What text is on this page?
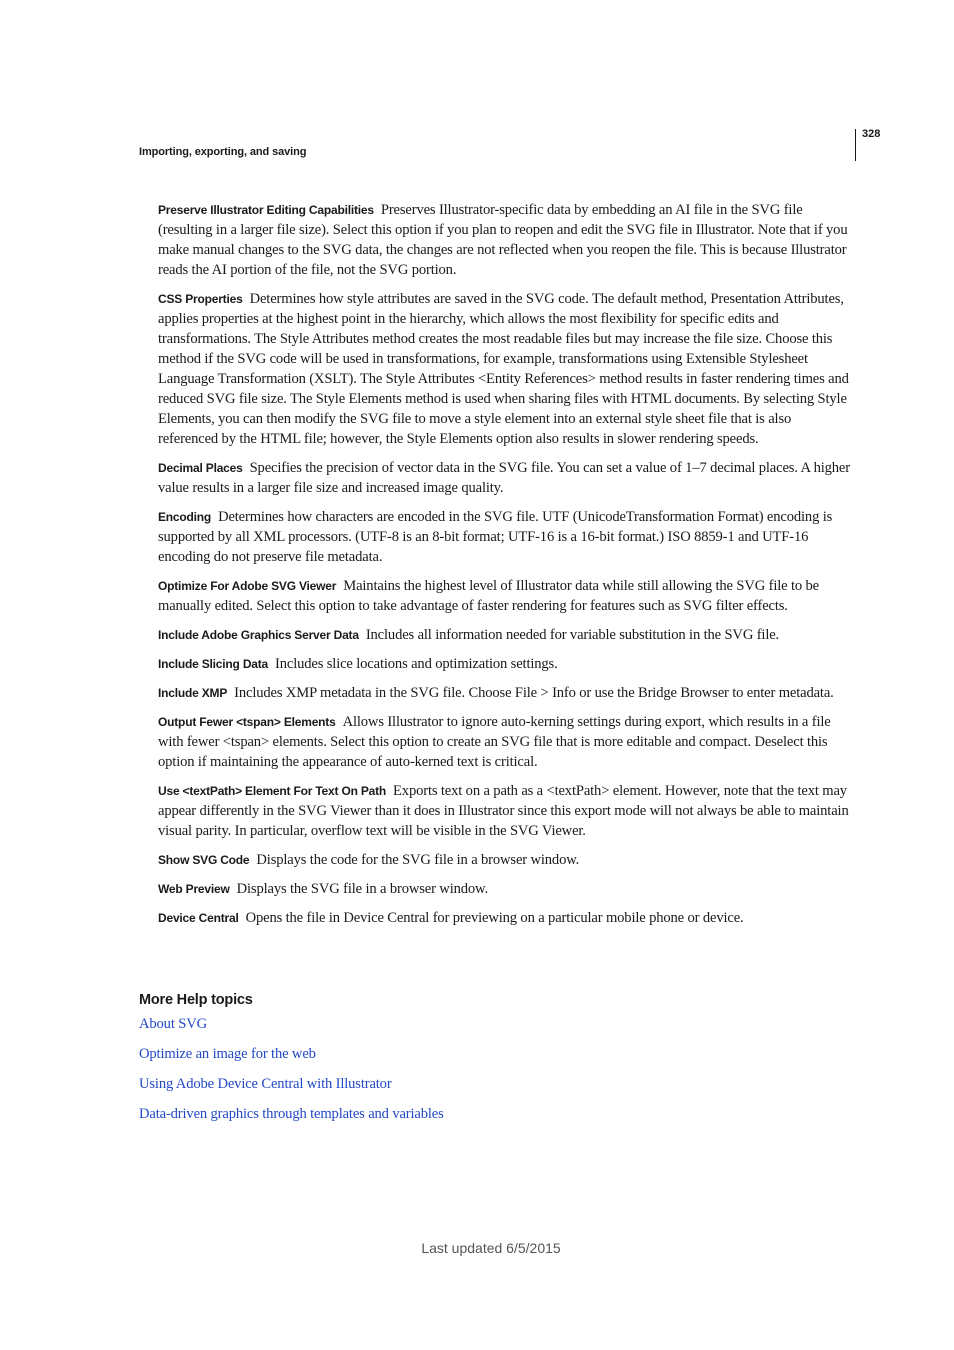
328
Importing, exporting, and saving

Preserve Illustrator Editing Capabilities Preserves Illustrator-specific data by embedding an AI file in the SVG file (resulting in a larger file size). Select this option if you plan to reopen and edit the SVG file in Illustrator. Note that if you make manual changes to the SVG data, the changes are not reflected when you reopen the file. This is because Illustrator reads the AI portion of the file, not the SVG portion.

CSS Properties Determines how style attributes are saved in the SVG code. The default method, Presentation Attributes, applies properties at the highest point in the hierarchy, which allows the most flexibility for specific edits and transformations. The Style Attributes method creates the most readable files but may increase the file size. Choose this method if the SVG code will be used in transformations, for example, transformations using Extensible Stylesheet Language Transformation (XSLT). The Style Attributes <Entity References> method results in faster rendering times and reduced SVG file size. The Style Elements method is used when sharing files with HTML documents. By selecting Style Elements, you can then modify the SVG file to move a style element into an external style sheet file that is also referenced by the HTML file; however, the Style Elements option also results in slower rendering speeds.

Decimal Places Specifies the precision of vector data in the SVG file. You can set a value of 1–7 decimal places. A higher value results in a larger file size and increased image quality.

Encoding Determines how characters are encoded in the SVG file. UTF (UnicodeTransformation Format) encoding is supported by all XML processors. (UTF-8 is an 8-bit format; UTF-16 is a 16-bit format.) ISO 8859-1 and UTF-16 encoding do not preserve file metadata.

Optimize For Adobe SVG Viewer Maintains the highest level of Illustrator data while still allowing the SVG file to be manually edited. Select this option to take advantage of faster rendering for features such as SVG filter effects.

Include Adobe Graphics Server Data Includes all information needed for variable substitution in the SVG file.

Include Slicing Data Includes slice locations and optimization settings.

Include XMP Includes XMP metadata in the SVG file. Choose File > Info or use the Bridge Browser to enter metadata.

Output Fewer <tspan> Elements Allows Illustrator to ignore auto-kerning settings during export, which results in a file with fewer <tspan> elements. Select this option to create an SVG file that is more editable and compact. Deselect this option if maintaining the appearance of auto-kerned text is critical.

Use <textPath> Element For Text On Path Exports text on a path as a <textPath> element. However, note that the text may appear differently in the SVG Viewer than it does in Illustrator since this export mode will not always be able to maintain visual parity. In particular, overflow text will be visible in the SVG Viewer.

Show SVG Code Displays the code for the SVG file in a browser window.

Web Preview Displays the SVG file in a browser window.

Device Central Opens the file in Device Central for previewing on a particular mobile phone or device.

More Help topics
About SVG
Optimize an image for the web
Using Adobe Device Central with Illustrator
Data-driven graphics through templates and variables
Last updated 6/5/2015
